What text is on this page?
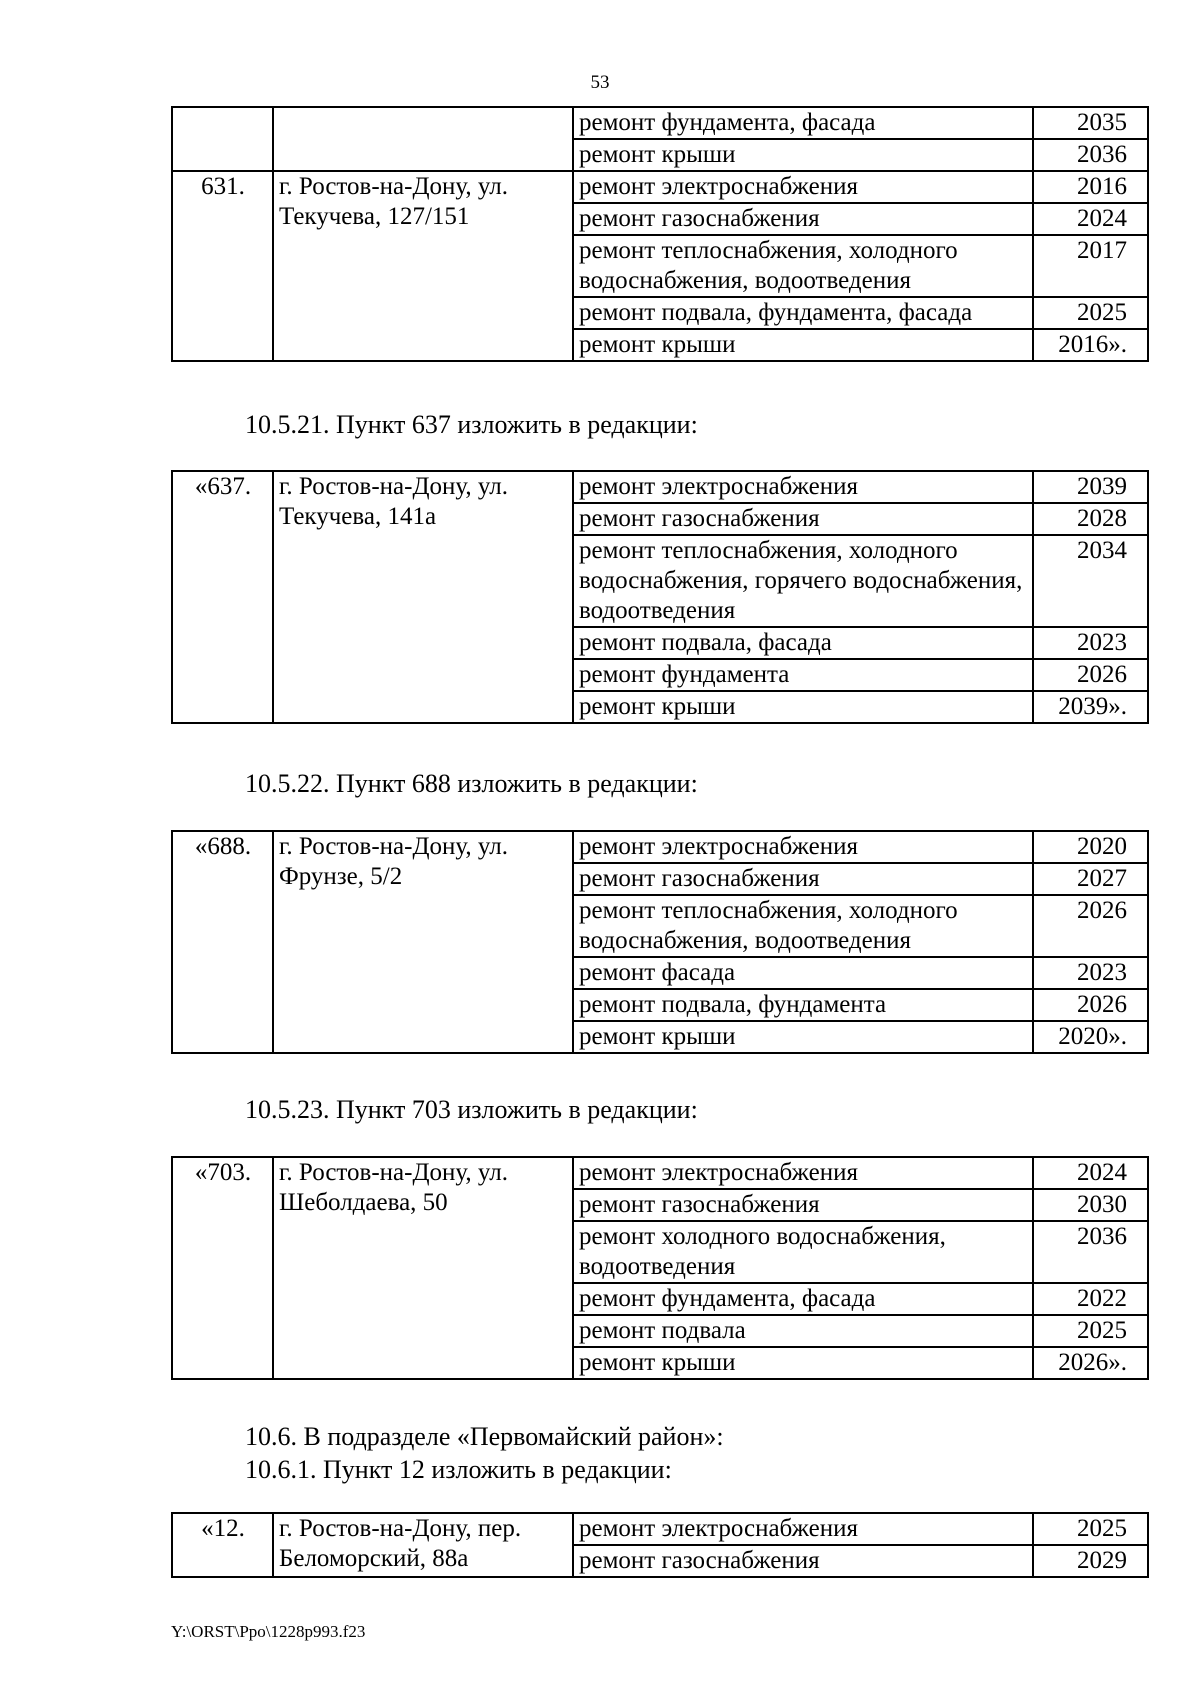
53
		ремонт фундамента, фасада	2035
		ремонт крыши	2036
631.	г. Ростов-на-Дону, ул. Текучева, 127/151	ремонт электроснабжения	2016
		ремонт газоснабжения	2024
		ремонт теплоснабжения, холодного водоснабжения, водоотведения	2017
		ремонт подвала, фундамента, фасада	2025
		ремонт крыши	2016».
10.5.21. Пункт 637 изложить в редакции:
«637.	г. Ростов-на-Дону, ул. Текучева, 141а	ремонт электроснабжения	2039
		ремонт газоснабжения	2028
		ремонт теплоснабжения, холодного водоснабжения, горячего водоснабжения, водоотведения	2034
		ремонт подвала, фасада	2023
		ремонт фундамента	2026
		ремонт крыши	2039».
10.5.22. Пункт 688 изложить в редакции:
«688.	г. Ростов-на-Дону, ул. Фрунзе, 5/2	ремонт электроснабжения	2020
		ремонт газоснабжения	2027
		ремонт теплоснабжения, холодного водоснабжения, водоотведения	2026
		ремонт фасада	2023
		ремонт подвала, фундамента	2026
		ремонт крыши	2020».
10.5.23. Пункт 703 изложить в редакции:
«703.	г. Ростов-на-Дону, ул. Шеболдаева, 50	ремонт электроснабжения	2024
		ремонт газоснабжения	2030
		ремонт холодного водоснабжения, водоотведения	2036
		ремонт фундамента, фасада	2022
		ремонт подвала	2025
		ремонт крыши	2026».
10.6. В подразделе «Первомайский район»:
10.6.1. Пункт 12 изложить в редакции:
«12.	г. Ростов-на-Дону, пер. Беломорский, 88а	ремонт электроснабжения	2025
		ремонт газоснабжения	2029
Y:\ORST\Ppo\1228p993.f23
